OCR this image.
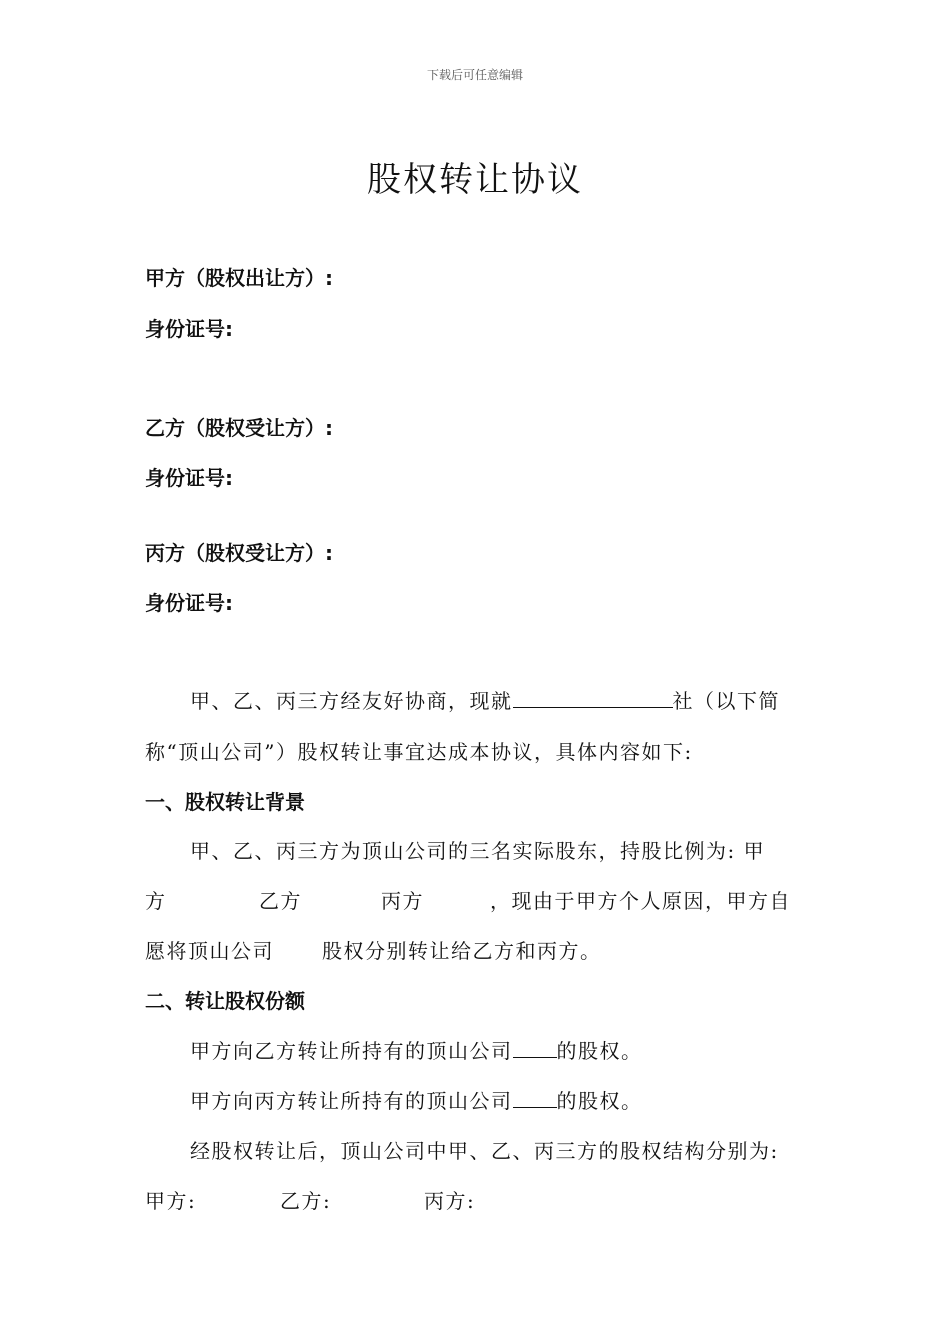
下载后可任意编辑
股权转让协议
甲方（股权出让方）:
身份证号:
乙方（股权受让方）:
身份证号:
丙方（股权受让方）:
身份证号:
甲、乙、丙三方经友好协商，现就	社（以下简
称“顶山公司”）股权转让事宜达成本协议，具体内容如下:
一、股权转让背景
甲、乙、丙三方为顶山公司的三名实际股东，持股比例为: 甲
方	乙方	丙方	，现由于甲方个人原因，甲方自
愿将顶山公司 股权分别转让给乙方和丙方。
二、转让股权份额
甲方向乙方转让所持有的顶山公司 的股权。
甲方向丙方转让所持有的顶山公司 的股权。
经股权转让后，顶山公司中甲、乙、丙三方的股权结构分别为:
甲方:	乙方:	丙方:
